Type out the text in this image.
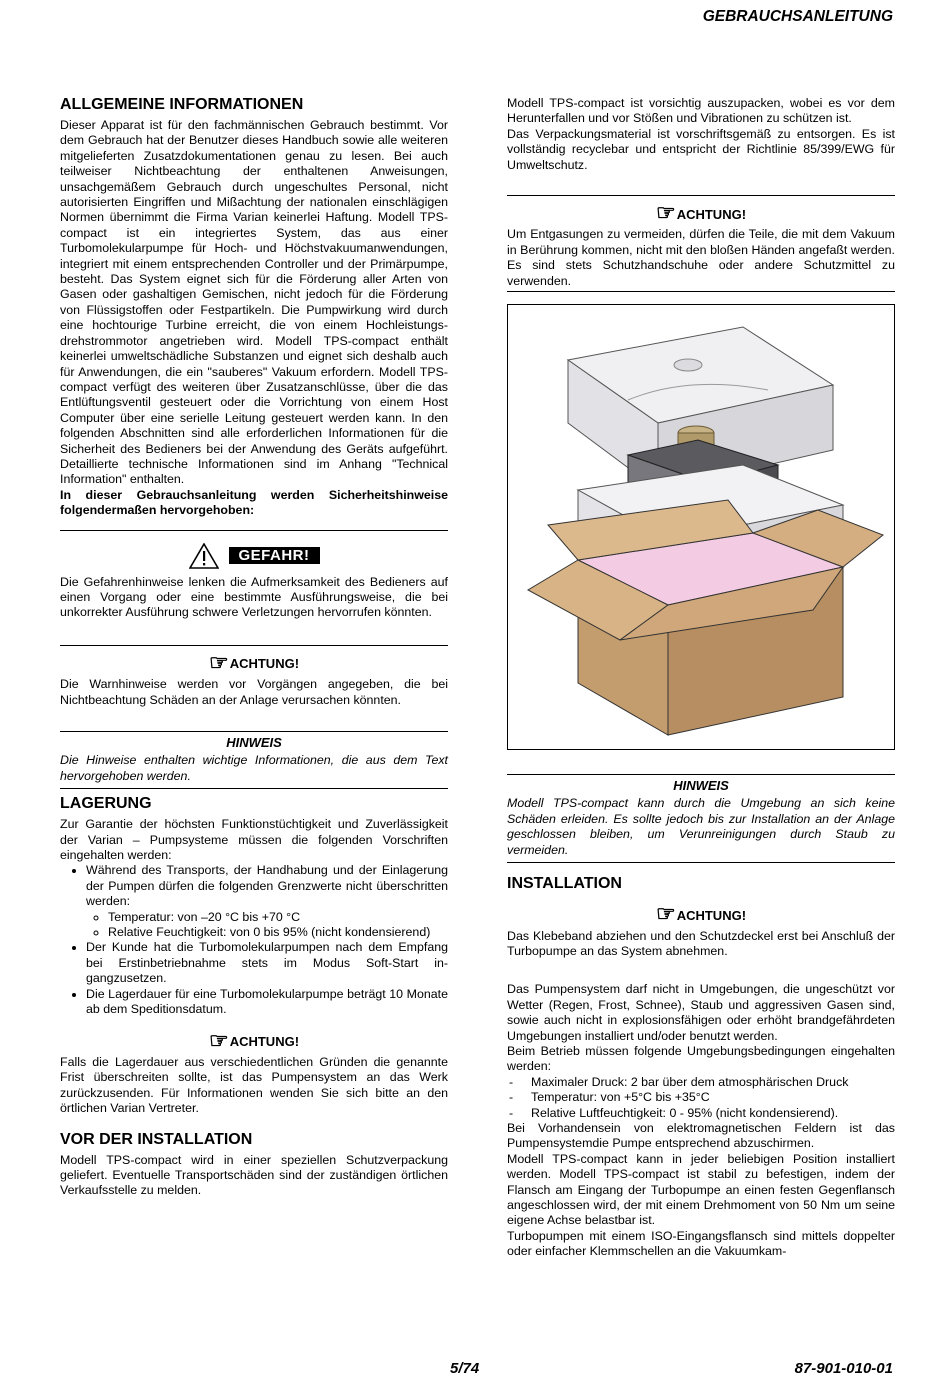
GEBRAUCHSANLEITUNG
ALLGEMEINE INFORMATIONEN

Dieser Apparat ist für den fachmännischen Gebrauch bestimmt. Vor dem Gebrauch hat der Benutzer dieses Handbuch sowie alle weiteren mitgelieferten Zusatzdokumentationen genau zu lesen. Bei auch teilweiser Nichtbeachtung der enthaltenen Anweisungen, unsachgemäßem Gebrauch durch ungeschultes Personal, nicht autorisierten Eingriffen und Mißachtung der nationalen einschlägigen Normen übernimmt die Firma Varian keinerlei Haftung. Modell TPS-compact ist ein integriertes System, das aus einer Turbomolekularpumpe für Hoch- und Höchstvakuumanwendungen, integriert mit einem entsprechenden Controller und der Primärpumpe, besteht. Das System eignet sich für die Förderung aller Arten von Gasen oder gashaltigen Gemischen, nicht jedoch für die Förderung von Flüssigstoffen oder Festpartikeln. Die Pumpwirkung wird durch eine hochtourige Turbine erreicht, die von einem Hochleistungs-drehstrommotor angetrieben wird. Modell TPS-compact enthält keinerlei umweltschädliche Substanzen und eignet sich deshalb auch für Anwendungen, die ein "sauberes" Vakuum erfordern. Modell TPS-compact verfügt des weiteren über Zusatzanschlüsse, über die das Entlüftungsventil gesteuert oder die Vorrichtung von einem Host Computer über eine serielle Leitung gesteuert werden kann. In den folgenden Abschnitten sind alle erforderlichen Informationen für die Sicherheit des Bedieners bei der Anwendung des Geräts aufgeführt. Detaillierte technische Informationen sind im Anhang "Technical Information" enthalten.

In dieser Gebrauchsanleitung werden Sicherheitshinweise folgendermaßen hervorgehoben:

GEFAHR!

Die Gefahrenhinweise lenken die Aufmerksamkeit des Bedieners auf einen Vorgang oder eine bestimmte Ausführungsweise, die bei unkorrekter Ausführung schwere Verletzungen hervorrufen könnten.

☞ ACHTUNG!

Die Warnhinweise werden vor Vorgängen angegeben, die bei Nichtbeachtung Schäden an der Anlage verursachen könnten.

HINWEIS

Die Hinweise enthalten wichtige Informationen, die aus dem Text hervorgehoben werden.

LAGERUNG

Zur Garantie der höchsten Funktionstüchtigkeit und Zuverlässigkeit der Varian – Pumpsysteme müssen die folgenden Vorschriften eingehalten werden:

• Während des Transports, der Handhabung und der Einlagerung der Pumpen dürfen die folgenden Grenzwerte nicht überschritten werden:
◦ Temperatur: von –20 °C bis +70 °C
◦ Relative Feuchtigkeit: von 0 bis 95% (nicht kondensierend)
• Der Kunde hat die Turbomolekularpumpen nach dem Empfang bei Erstinbetriebnahme stets im Modus Soft-Start in-gangzusetzen.
• Die Lagerdauer für eine Turbomolekularpumpe beträgt 10 Monate ab dem Speditionsdatum.
☞ ACHTUNG!

Falls die Lagerdauer aus verschiedentlichen Gründen die genannte Frist überschreiten sollte, ist das Pumpensystem an das Werk zurückzusenden. Für Informationen wenden Sie sich bitte an den örtlichen Varian Vertreter.

VOR DER INSTALLATION

Modell TPS-compact wird in einer speziellen Schutzverpackung geliefert. Eventuelle Transportschäden sind der zuständigen örtlichen Verkaufsstelle zu melden.

Modell TPS-compact ist vorsichtig auszupacken, wobei es vor dem Herunterfallen und vor Stößen und Vibrationen zu schützen ist.

Das Verpackungsmaterial ist vorschriftsgemäß zu entsorgen. Es ist vollständig recyclebar und entspricht der Richtlinie 85/399/EWG für Umweltschutz.

☞ ACHTUNG!

Um Entgasungen zu vermeiden, dürfen die Teile, die mit dem Vakuum in Berührung kommen, nicht mit den bloßen Händen angefaßt werden. Es sind stets Schutzhandschuhe oder andere Schutzmittel zu verwenden.

HINWEIS

Modell TPS-compact kann durch die Umgebung an sich keine Schäden erleiden. Es sollte jedoch bis zur Installation an der Anlage geschlossen bleiben, um Verunreinigungen durch Staub zu vermeiden.

INSTALLATION
☞ ACHTUNG!

Das Klebeband abziehen und den Schutzdeckel erst bei Anschluß der Turbopumpe an das System abnehmen.

Das Pumpensystem darf nicht in Umgebungen, die ungeschützt vor Wetter (Regen, Frost, Schnee), Staub und aggressiven Gasen sind, sowie auch nicht in explosionsfähigen oder erhöht brandgefährdeten Umgebungen installiert und/oder benutzt werden.

Beim Betrieb müssen folgende Umgebungsbedingungen eingehalten werden:

- Maximaler Druck: 2 bar über dem atmosphärischen Druck
- Temperatur: von +5°C bis +35°C
- Relative Luftfeuchtigkeit: 0 - 95% (nicht kondensierend).

Bei Vorhandensein von elektromagnetischen Feldern ist das Pumpensystemdie Pumpe entsprechend abzuschirmen.

Modell TPS-compact kann in jeder beliebigen Position installiert werden. Modell TPS-compact ist stabil zu befestigen, indem der Flansch am Eingang der Turbopumpe an einen festen Gegenflansch angeschlossen wird, der mit einem Drehmoment von 50 Nm um seine eigene Achse belastbar ist.

Turbopumpen mit einem ISO-Eingangsflansch sind mittels doppelter oder einfacher Klemmschellen an die Vakuumkam-

5/74	87-901-010-01
